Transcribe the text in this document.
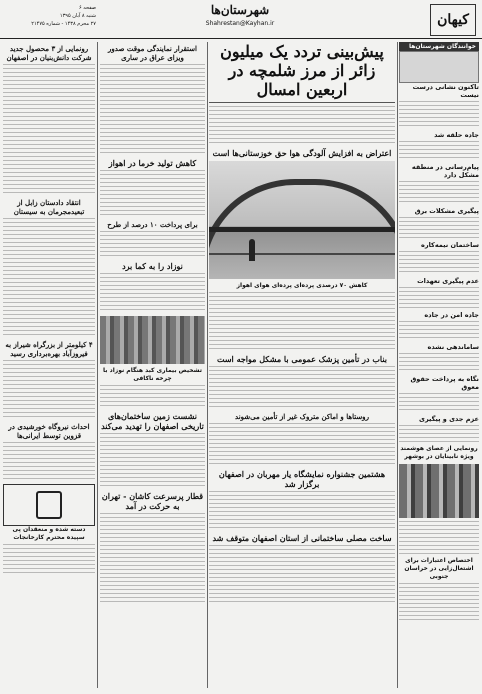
کیهان
شهرستان‌ها
Shahrestan@Kayhan.ir
صفحه ۶
شنبه ۸ آبان ۱۳۹۵
۲۷ محرم ۱۴۳۸ - شماره ۲۱۴۷۵
خوانندگان شهرستان‌ها
تاکنون نشانی درست نیست
جاده حلقه شد
پیام‌رسانی در منطقه مشکل دارد
پیگیری مشکلات برق
ساختمان نیمه‌کاره
عدم پیگیری تعهدات
جاده امن در جاده
ساماندهی نشده
نگاه به پرداخت حقوق معوق
عزم جدی و پیگیری
رونمایی از عصای هوشمند ویژه نابینایان در بوشهر
اختصاص اعتبارات برای اشتغال‌زایی در خراسان جنوبی
پیش‌بینی تردد یک میلیون زائر از مرز شلمچه در اربعین امسال
اعتراض به افزایش آلودگی هوا حق خوزستانی‌ها است
کاهش ۷۰ درصدی پرده‌ای پرده‌ای هوای اهواز
بناب در تأمین پزشک عمومی با مشکل مواجه است
روستاها و اماکن متروک غیر از تأمین می‌شوند
هشتمین جشنواره نمایشگاه یار مهربان در اصفهان برگزار شد
ساخت مصلی ساختمانی از استان اصفهان متوقف شد
استقرار نمایندگی موقت صدور ویزای عراق در ساری
کاهش تولید خرما در اهواز
برای پرداخت ۱۰ درصد از طرح
نوزاد را به کما برد
تشخیص بیماری کبد هنگام نوزاد با چرخه ناکافی
نشست زمین ساختمان‌های تاریخی اصفهان را تهدید می‌کند
قطار پرسرعت کاشان - تهران به حرکت در آمد
رونمایی از ۳ محصول جدید شرکت دانش‌بنیان در اصفهان
انتقاد دادستان زابل از تبعیدمجرمان به سیستان
۴ کیلومتر از بزرگراه شیراز به فیروزآباد بهره‌برداری رسید
احداث نیروگاه خورشیدی در قزوین توسط ایرانی‌ها
دسته شده و منعقدان پی سپیده محترم کارخانجات
